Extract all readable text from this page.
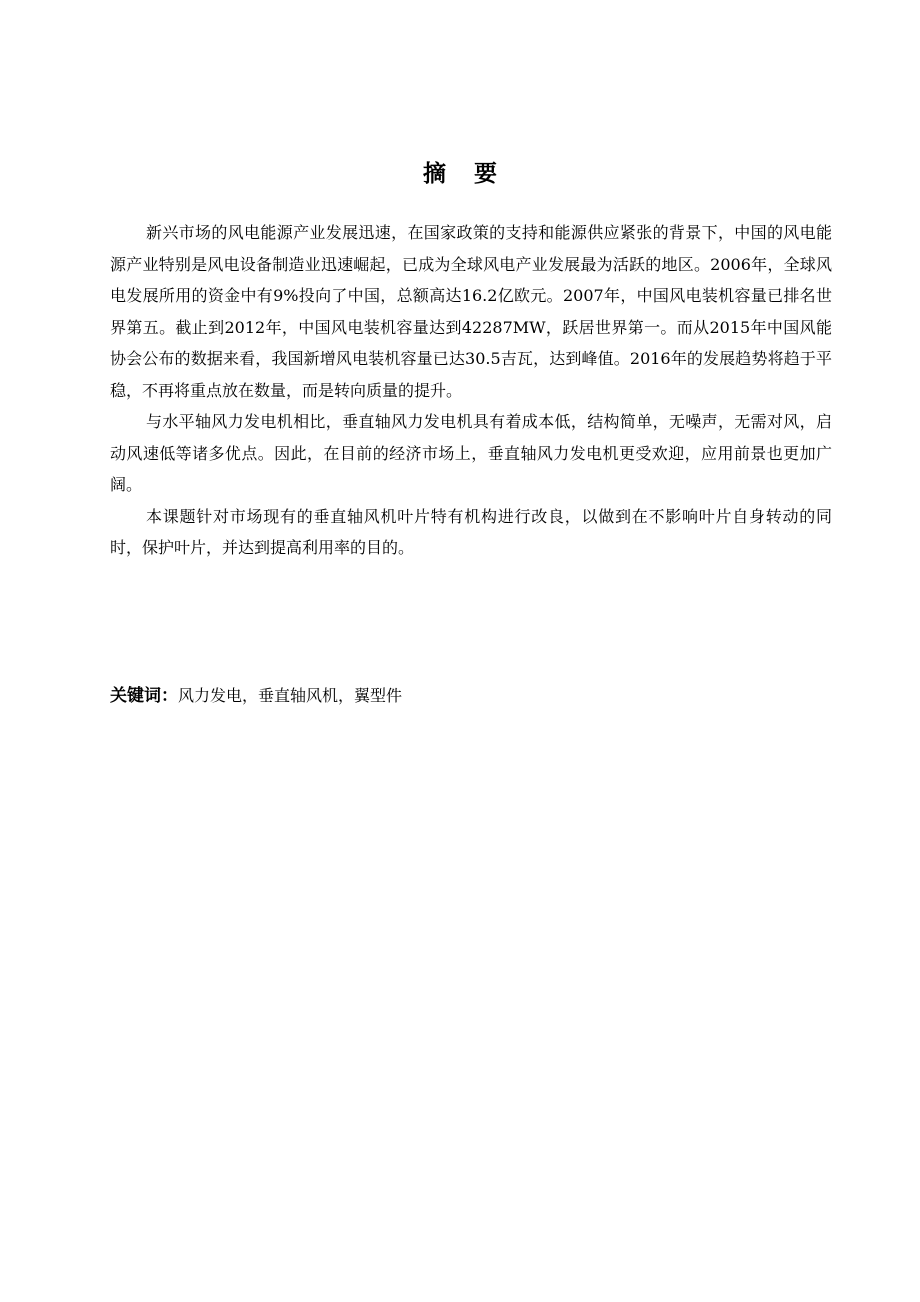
摘 要

新兴市场的风电能源产业发展迅速，在国家政策的支持和能源供应紧张的背景下，中国的风电能源产业特别是风电设备制造业迅速崛起，已成为全球风电产业发展最为活跃的地区。2006年，全球风电发展所用的资金中有9%投向了中国，总额高达16.2亿欧元。2007年，中国风电装机容量已排名世界第五。截止到2012年，中国风电装机容量达到42287MW，跃居世界第一。而从2015年中国风能协会公布的数据来看，我国新增风电装机容量已达30.5吉瓦，达到峰值。2016年的发展趋势将趋于平稳，不再将重点放在数量，而是转向质量的提升。

与水平轴风力发电机相比，垂直轴风力发电机具有着成本低，结构简单，无噪声，无需对风，启动风速低等诸多优点。因此，在目前的经济市场上，垂直轴风力发电机更受欢迎，应用前景也更加广阔。

本课题针对市场现有的垂直轴风机叶片特有机构进行改良，以做到在不影响叶片自身转动的同时，保护叶片，并达到提高利用率的目的。

关键词：风力发电，垂直轴风机，翼型件
